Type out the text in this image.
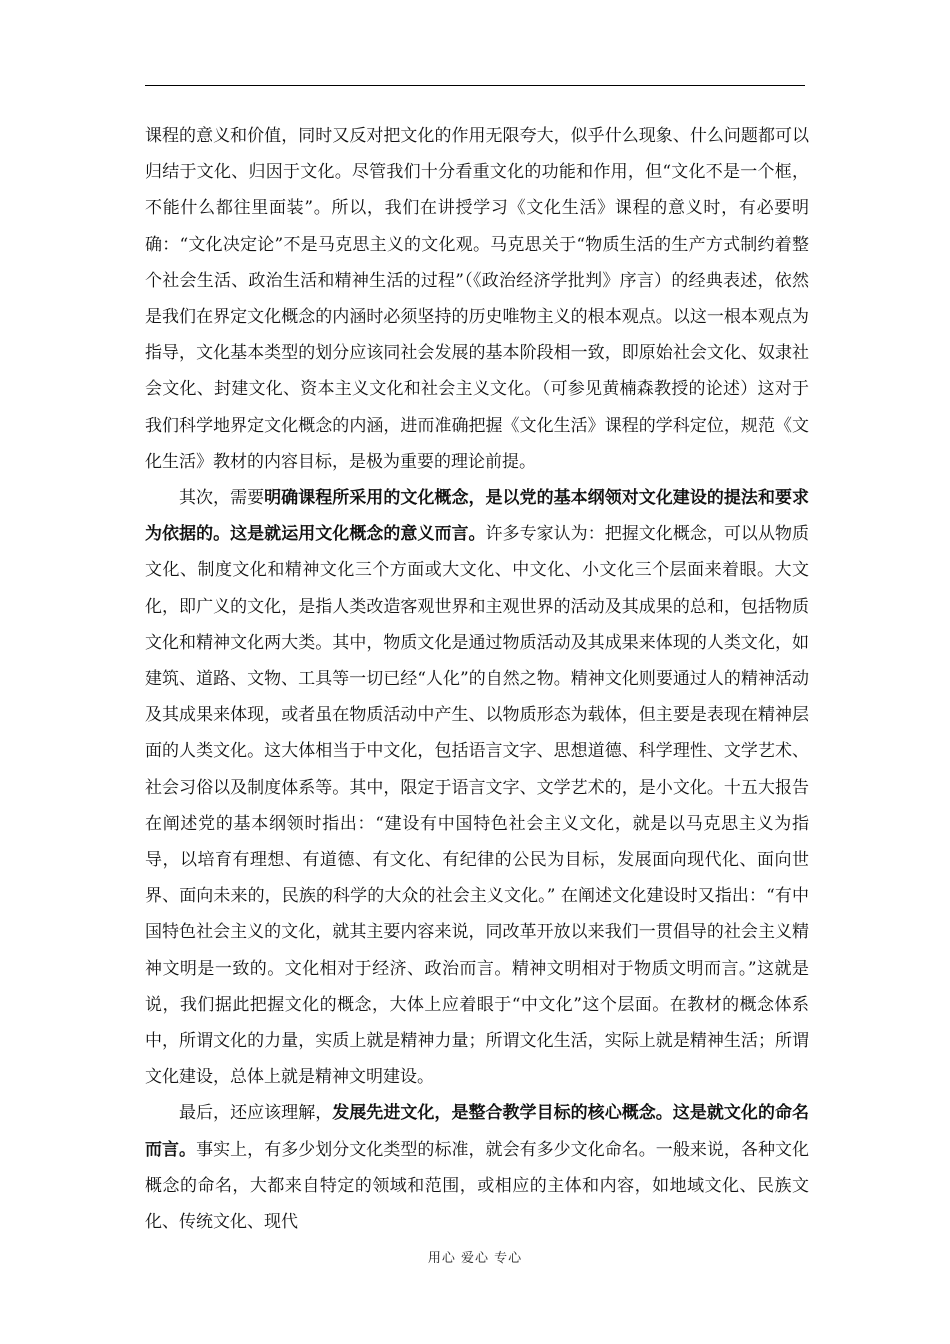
课程的意义和价值，同时又反对把文化的作用无限夸大，似乎什么现象、什么问题都可以归结于文化、归因于文化。尽管我们十分看重文化的功能和作用，但“文化不是一个框，不能什么都往里面装”。所以，我们在讲授学习《文化生活》课程的意义时，有必要明确：“文化决定论”不是马克思主义的文化观。马克思关于“物质生活的生产方式制约着整个社会生活、政治生活和精神生活的过程”（《政治经济学批判》序言）的经典表述，依然是我们在界定文化概念的内涵时必须坚持的历史唯物主义的根本观点。以这一根本观点为指导，文化基本类型的划分应该同社会发展的基本阶段相一致，即原始社会文化、奴隶社会文化、封建文化、资本主义文化和社会主义文化。（可参见黄楠森教授的论述）这对于我们科学地界定文化概念的内涵，进而准确把握《文化生活》课程的学科定位，规范《文化生活》教材的内容目标，是极为重要的理论前提。

其次，需要明确课程所采用的文化概念，是以党的基本纲领对文化建设的提法和要求为依据的。这是就运用文化概念的意义而言。许多专家认为：把握文化概念，可以从物质文化、制度文化和精神文化三个方面或大文化、中文化、小文化三个层面来着眼。大文化，即广义的文化，是指人类改造客观世界和主观世界的活动及其成果的总和，包括物质文化和精神文化两大类。其中，物质文化是通过物质活动及其成果来体现的人类文化，如建筑、道路、文物、工具等一切已经“人化”的自然之物。精神文化则要通过人的精神活动及其成果来体现，或者虽在物质活动中产生、以物质形态为载体，但主要是表现在精神层面的人类文化。这大体相当于中文化，包括语言文字、思想道德、科学理性、文学艺术、社会习俗以及制度体系等。其中，限定于语言文字、文学艺术的，是小文化。十五大报告在阐述党的基本纲领时指出：“建设有中国特色社会主义文化，就是以马克思主义为指导，以培育有理想、有道德、有文化、有纪律的公民为目标，发展面向现代化、面向世界、面向未来的，民族的科学的大众的社会主义文化。” 在阐述文化建设时又指出：“有中国特色社会主义的文化，就其主要内容来说，同改革开放以来我们一贯倡导的社会主义精神文明是一致的。文化相对于经济、政治而言。精神文明相对于物质文明而言。”这就是说，我们据此把握文化的概念，大体上应着眼于“中文化”这个层面。在教材的概念体系中，所谓文化的力量，实质上就是精神力量；所谓文化生活，实际上就是精神生活；所谓文化建设，总体上就是精神文明建设。

最后，还应该理解，发展先进文化，是整合教学目标的核心概念。这是就文化的命名而言。事实上，有多少划分文化类型的标准，就会有多少文化命名。一般来说，各种文化概念的命名，大都来自特定的领域和范围，或相应的主体和内容，如地域文化、民族文化、传统文化、现代

用心 爱心 专心
